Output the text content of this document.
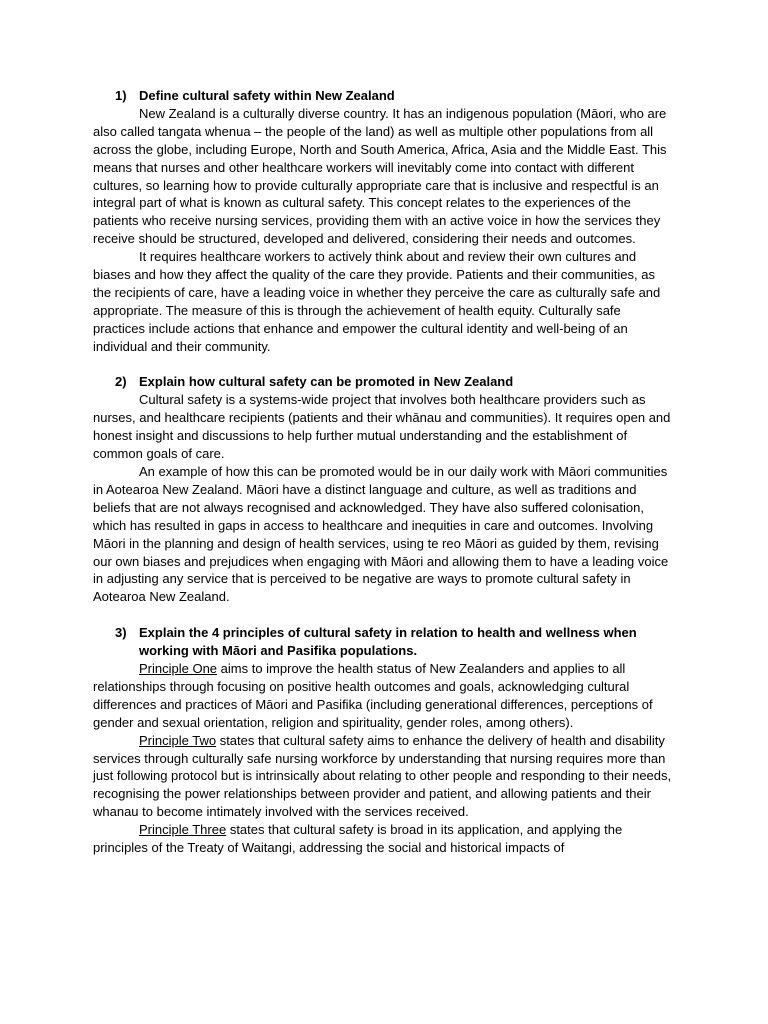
1) Define cultural safety within New Zealand
New Zealand is a culturally diverse country. It has an indigenous population (Māori, who are also called tangata whenua – the people of the land) as well as multiple other populations from all across the globe, including Europe, North and South America, Africa, Asia and the Middle East. This means that nurses and other healthcare workers will inevitably come into contact with different cultures, so learning how to provide culturally appropriate care that is inclusive and respectful is an integral part of what is known as cultural safety. This concept relates to the experiences of the patients who receive nursing services, providing them with an active voice in how the services they receive should be structured, developed and delivered, considering their needs and outcomes.
It requires healthcare workers to actively think about and review their own cultures and biases and how they affect the quality of the care they provide. Patients and their communities, as the recipients of care, have a leading voice in whether they perceive the care as culturally safe and appropriate. The measure of this is through the achievement of health equity. Culturally safe practices include actions that enhance and empower the cultural identity and well-being of an individual and their community.
2) Explain how cultural safety can be promoted in New Zealand
Cultural safety is a systems-wide project that involves both healthcare providers such as nurses, and healthcare recipients (patients and their whānau and communities). It requires open and honest insight and discussions to help further mutual understanding and the establishment of common goals of care.
An example of how this can be promoted would be in our daily work with Māori communities in Aotearoa New Zealand. Māori have a distinct language and culture, as well as traditions and beliefs that are not always recognised and acknowledged. They have also suffered colonisation, which has resulted in gaps in access to healthcare and inequities in care and outcomes. Involving Māori in the planning and design of health services, using te reo Māori as guided by them, revising our own biases and prejudices when engaging with Māori and allowing them to have a leading voice in adjusting any service that is perceived to be negative are ways to promote cultural safety in Aotearoa New Zealand.
3) Explain the 4 principles of cultural safety in relation to health and wellness when working with Māori and Pasifika populations.
Principle One aims to improve the health status of New Zealanders and applies to all relationships through focusing on positive health outcomes and goals, acknowledging cultural differences and practices of Māori and Pasifika (including generational differences, perceptions of gender and sexual orientation, religion and spirituality, gender roles, among others).
Principle Two states that cultural safety aims to enhance the delivery of health and disability services through culturally safe nursing workforce by understanding that nursing requires more than just following protocol but is intrinsically about relating to other people and responding to their needs, recognising the power relationships between provider and patient, and allowing patients and their whanau to become intimately involved with the services received.
Principle Three states that cultural safety is broad in its application, and applying the principles of the Treaty of Waitangi, addressing the social and historical impacts of
